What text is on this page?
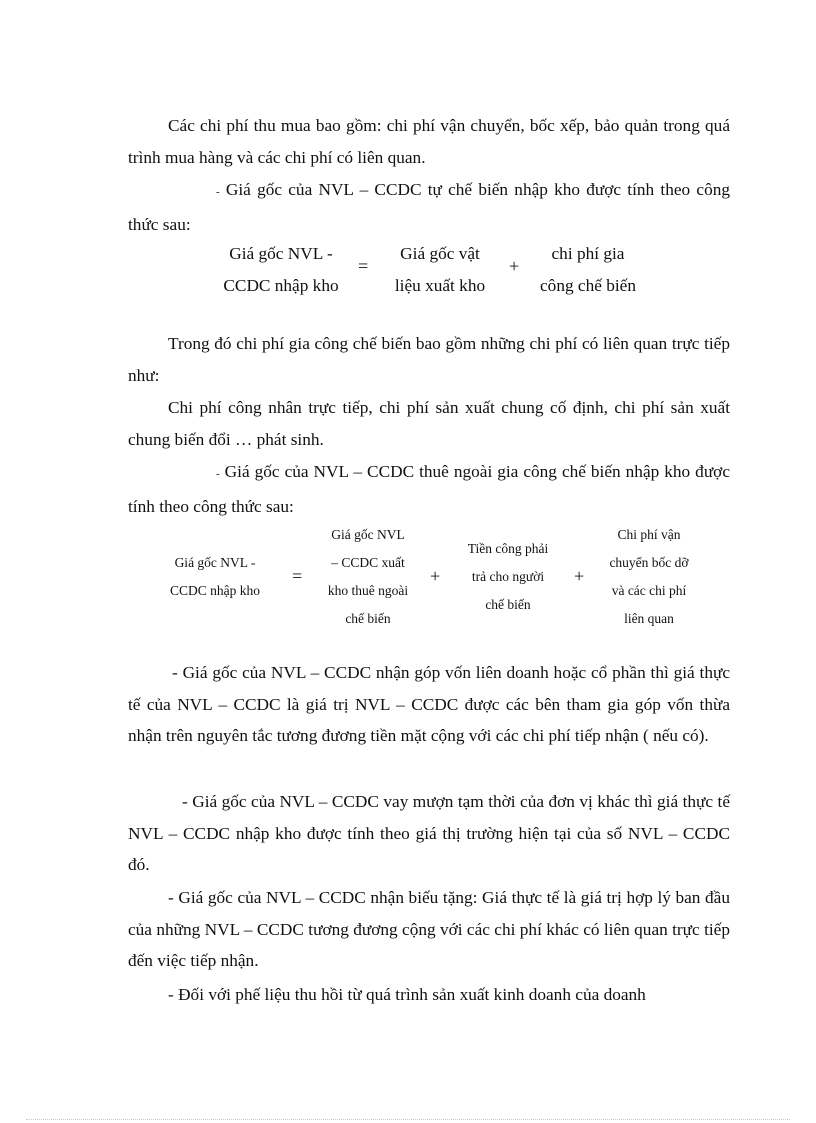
Các chi phí thu mua bao gồm: chi phí vận chuyển, bốc xếp, bảo quản trong quá trình mua hàng và các chi phí có liên quan.

- Giá gốc của NVL – CCDC tự chế biến nhập kho được tính theo công thức sau:

Giá gốc NVL -
CCDC nhập kho
=
Giá gốc vật
liệu xuất kho
+
chi phí gia
công chế biến

Trong đó chi phí gia công chế biến bao gồm những chi phí có liên quan trực tiếp như:

Chi phí công nhân trực tiếp, chi phí sản xuất chung cố định, chi phí sản xuất chung biến đổi … phát sinh.

- Giá gốc của NVL – CCDC thuê ngoài gia công chế biến nhập kho được tính theo công thức sau:

Giá gốc NVL -
CCDC nhập kho
=
Giá gốc NVL
– CCDC xuất
kho thuê ngoài
chế biến
+
Tiền công phải
trả cho người
chế biến
+
Chi phí vận
chuyển bốc dỡ
và các chi phí
liên quan

- Giá gốc của NVL – CCDC nhận góp vốn liên doanh hoặc cổ phần thì giá thực tế của NVL – CCDC là giá trị NVL – CCDC được các bên tham gia góp vốn thừa nhận trên nguyên tắc tương đương tiền mặt cộng với các chi phí tiếp nhận ( nếu có).

- Giá gốc của NVL – CCDC vay mượn tạm thời của đơn vị khác thì giá thực tế NVL – CCDC nhập kho được tính theo giá thị trường hiện tại của số NVL – CCDC đó.

- Giá gốc của NVL – CCDC nhận biếu tặng: Giá thực tế là giá trị hợp lý ban đầu của những NVL – CCDC tương đương cộng với các chi phí khác có liên quan trực tiếp đến việc tiếp nhận.

- Đối với phế liệu thu hồi từ quá trình sản xuất kinh doanh của doanh
